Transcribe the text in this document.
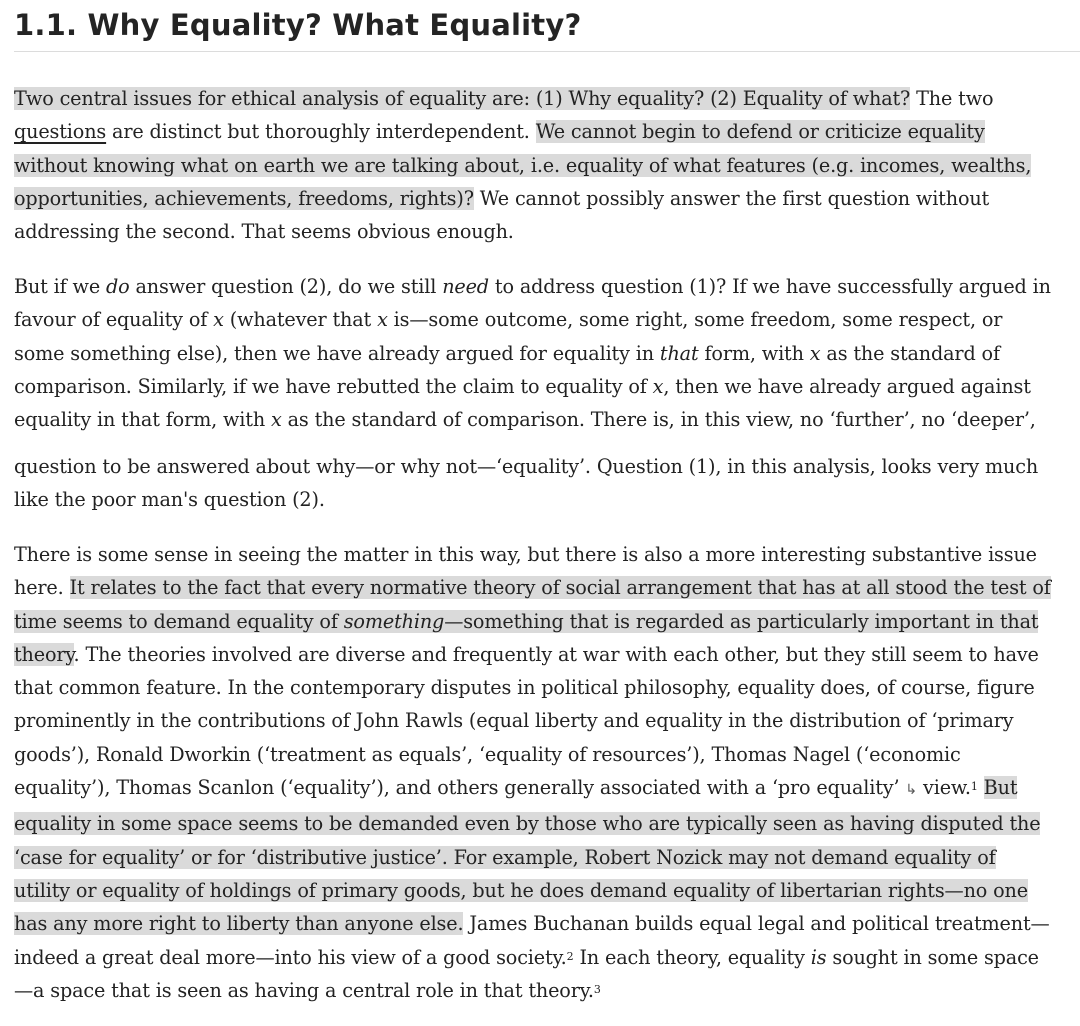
1.1. Why Equality? What Equality?

Two central issues for ethical analysis of equality are: (1) Why equality? (2) Equality of what? The two
questions are distinct but thoroughly interdependent. We cannot begin to defend or criticize equality
without knowing what on earth we are talking about, i.e. equality of what features (e.g. incomes, wealths,
opportunities, achievements, freedoms, rights)? We cannot possibly answer the first question without
addressing the second. That seems obvious enough.

But if we do answer question (2), do we still need to address question (1)? If we have successfully argued in
favour of equality of x (whatever that x is—some outcome, some right, some freedom, some respect, or
some something else), then we have already argued for equality in that form, with x as the standard of
comparison. Similarly, if we have rebutted the claim to equality of x, then we have already argued against
equality in that form, with x as the standard of comparison. There is, in this view, no ‘further’, no ‘deeper’,

question to be answered about why—or why not—‘equality’. Question (1), in this analysis, looks very much
like the poor man's question (2).

There is some sense in seeing the matter in this way, but there is also a more interesting substantive issue
here. It relates to the fact that every normative theory of social arrangement that has at all stood the test of
time seems to demand equality of something—something that is regarded as particularly important in that
theory. The theories involved are diverse and frequently at war with each other, but they still seem to have
that common feature. In the contemporary disputes in political philosophy, equality does, of course, figure
prominently in the contributions of John Rawls (equal liberty and equality in the distribution of ‘primary
goods’), Ronald Dworkin (‘treatment as equals’, ‘equality of resources’), Thomas Nagel (‘economic
equality’), Thomas Scanlon (‘equality’), and others generally associated with a ‘pro equality’ ↳ view.$^1$ But
equality in some space seems to be demanded even by those who are typically seen as having disputed the
‘case for equality’ or for ‘distributive justice’. For example, Robert Nozick may not demand equality of
utility or equality of holdings of primary goods, but he does demand equality of libertarian rights—no one
has any more right to liberty than anyone else. James Buchanan builds equal legal and political treatment—
indeed a great deal more—into his view of a good society.$^2$ In each theory, equality is sought in some space
—a space that is seen as having a central role in that theory.$^3$
